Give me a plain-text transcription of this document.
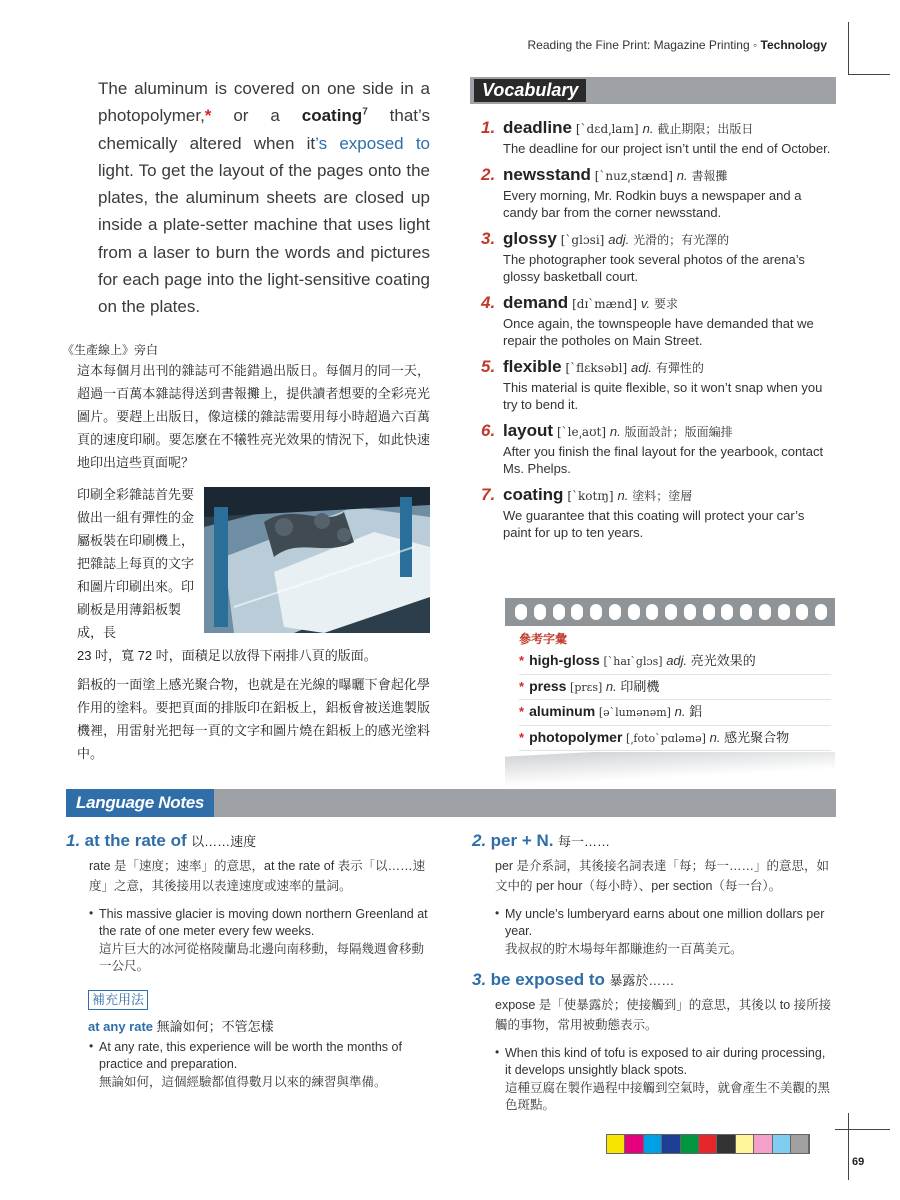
Reading the Fine Print: Magazine Printing ◦ Technology
The aluminum is covered on one side in a photopolymer,* or a coating$^7$ that’s chemically altered when it’s exposed to light. To get the layout of the pages onto the plates, the aluminum sheets are closed up inside a plate-setter machine that uses light from a laser to burn the words and pictures for each page into the light-sensitive coating on the plates.
《生產線上》旁白
這本每個月出刊的雜誌可不能錯過出版日。每個月的同一天，超過一百萬本雜誌得送到書報攤上，提供讀者想要的全彩亮光圖片。要趕上出版日，像這樣的雜誌需要用每小時超過六百萬頁的速度印刷。要怎麼在不犧牲亮光效果的情況下，如此快速地印出這些頁面呢？
印刷全彩雜誌首先要做出一組有彈性的金屬板裝在印刷機上，把雜誌上每頁的文字和圖片印刷出來。印刷板是用薄鋁板製成，長
23 吋，寬 72 吋，面積足以放得下兩排八頁的版面。
鋁板的一面塗上感光聚合物，也就是在光線的曝曬下會起化學作用的塗料。要把頁面的排版印在鋁板上，鋁板會被送進製版機裡，用雷射光把每一頁的文字和圖片燒在鋁板上的感光塗料中。
Vocabulary
1. deadline [ˋdɛd͵laɪn] n. 截止期限；出版日
The deadline for our project isn’t until the end of October.
2. newsstand [ˋnuz͵stænd] n. 書報攤
Every morning, Mr. Rodkin buys a newspaper and a candy bar from the corner newsstand.
3. glossy [ˋglɔsi] adj. 光滑的；有光澤的
The photographer took several photos of the arena’s glossy basketball court.
4. demand [dɪˋmænd] v. 要求
Once again, the townspeople have demanded that we repair the potholes on Main Street.
5. flexible [ˋflɛksəbl] adj. 有彈性的
This material is quite flexible, so it won’t snap when you try to bend it.
6. layout [ˋle͵aʊt] n. 版面設計；版面編排
After you finish the final layout for the yearbook, contact Ms. Phelps.
7. coating [ˋkotɪŋ] n. 塗料；塗層
We guarantee that this coating will protect your car’s paint for up to ten years.
參考字彙
* high-gloss [ˋhaɪˋglɔs] adj. 亮光效果的
* press [prɛs] n. 印刷機
* aluminum [əˋlumənəm] n. 鋁
* photopolymer [͵fotoˋpɑləmə] n. 感光聚合物
Language Notes
1. at the rate of 以……速度
rate 是「速度；速率」的意思，at the rate of 表示「以……速度」之意，其後接用以表達速度或速率的量詞。
• This massive glacier is moving down northern Greenland at the rate of one meter every few weeks.
這片巨大的冰河從格陵蘭島北邊向南移動，每隔幾週會移動一公尺。
補充用法
at any rate 無論如何；不管怎樣
• At any rate, this experience will be worth the months of practice and preparation.
無論如何，這個經驗都值得數月以來的練習與準備。
2. per + N. 每一……
per 是介系詞，其後接名詞表達「每；每一……」的意思，如文中的 per hour（每小時）、per section（每一台）。
• My uncle’s lumberyard earns about one million dollars per year.
我叔叔的貯木場每年都賺進約一百萬美元。
3. be exposed to 暴露於……
expose 是「使暴露於；使接觸到」的意思，其後以 to 接所接觸的事物，常用被動態表示。
• When this kind of tofu is exposed to air during processing, it develops unsightly black spots.
這種豆腐在製作過程中接觸到空氣時，就會產生不美觀的黑色斑點。
69
